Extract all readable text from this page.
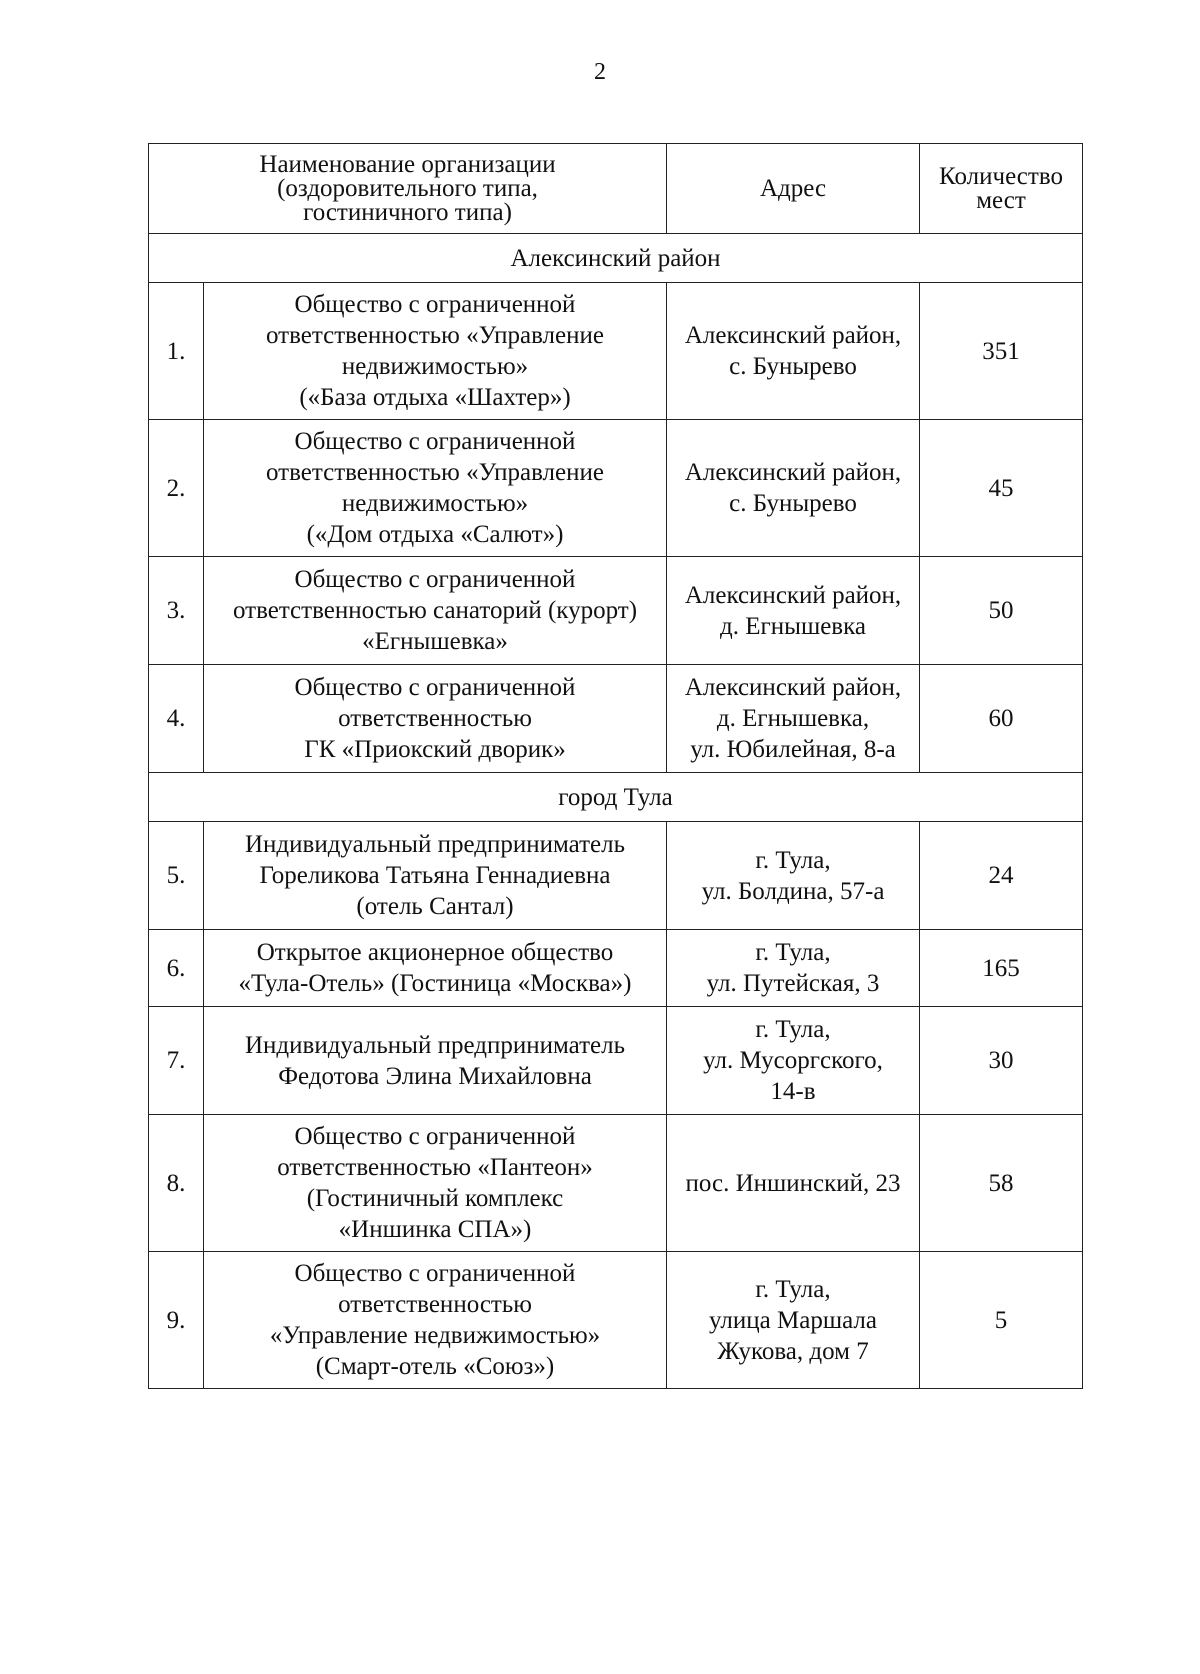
2
Наименование организации
(оздоровительного типа,
гостиничного типа)		Адрес	Количество
мест

Алексинский район			
1.	Общество с ограниченной
ответственностью «Управление
недвижимостью»
(«База отдыха «Шахтер»)	Алексинский район,
с. Бунырево	351
2.	Общество с ограниченной
ответственностью «Управление
недвижимостью»
(«Дом отдыха «Салют»)	Алексинский район,
с. Бунырево	45
3.	Общество с ограниченной
ответственностью санаторий (курорт)
«Егнышевка»	Алексинский район,
д. Егнышевка	50
4.	Общество с ограниченной
ответственностью
ГК «Приокский дворик»	Алексинский район,
д. Егнышевка,
ул. Юбилейная, 8-а	60
город Тула			
5.	Индивидуальный предприниматель
Гореликова Татьяна Геннадиевна
(отель Сантал)	г. Тула,
ул. Болдина, 57-а	24
6.	Открытое акционерное общество
«Тула-Отель» (Гостиница «Москва»)	г. Тула,
ул. Путейская, 3	165
7.	Индивидуальный предприниматель
Федотова Элина Михайловна	г. Тула,
ул. Мусоргского,
14-в	30
8.	Общество с ограниченной
ответственностью «Пантеон»
(Гостиничный комплекс
«Иншинка СПА»)	пос. Иншинский, 23	58
9.	Общество с ограниченной
ответственностью
«Управление недвижимостью»
(Смарт-отель «Союз»)	г. Тула,
улица Маршала
Жукова, дом 7	5
